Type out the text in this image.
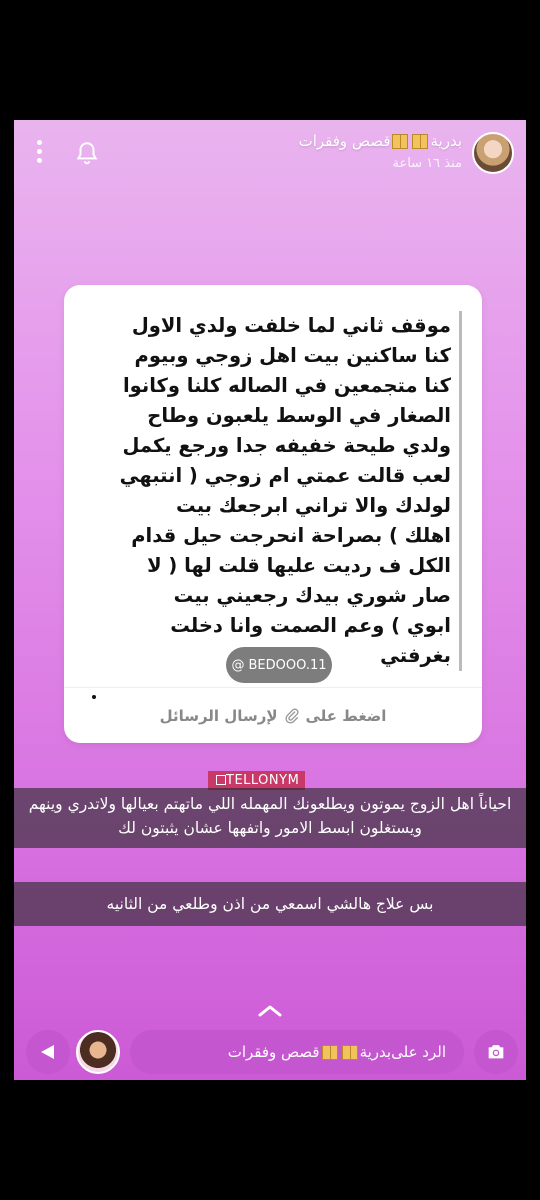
بدريةقصص وفقرات
منذ ١٦ ساعة
موقف ثاني لما خلفت ولدي الاول
كنا ساكنين بيت اهل زوجي وبيوم
كنا متجمعين في الصاله كلنا وكانوا
الصغار في الوسط يلعبون وطاح
ولدي طيحة خفيفه جدا ورجع يكمل
لعب قالت عمتي ام زوجي ( انتبهي
لولدك والا تراني ابرجعك بيت
اهلك ) بصراحة انحرجت حيل قدام
الكل ف رديت عليها قلت لها ( لا
صار شوري بيدك رجعيني بيت
ابوي ) وعم الصمت وانا دخلت
بغرفتي
@ BEDOOO.11
اضغط على
لإرسال الرسائل
TELLONYM
احياناً اهل الزوج يموتون ويطلعونك المهمله اللي ماتهتم بعيالها ولاتدري وينهم ويستغلون ابسط الامور واتفهها عشان يثبتون لك
بس علاج هالشي اسمعي من اذن وطلعي من الثانيه
الرد على
بدرية
قصص وفقرات
